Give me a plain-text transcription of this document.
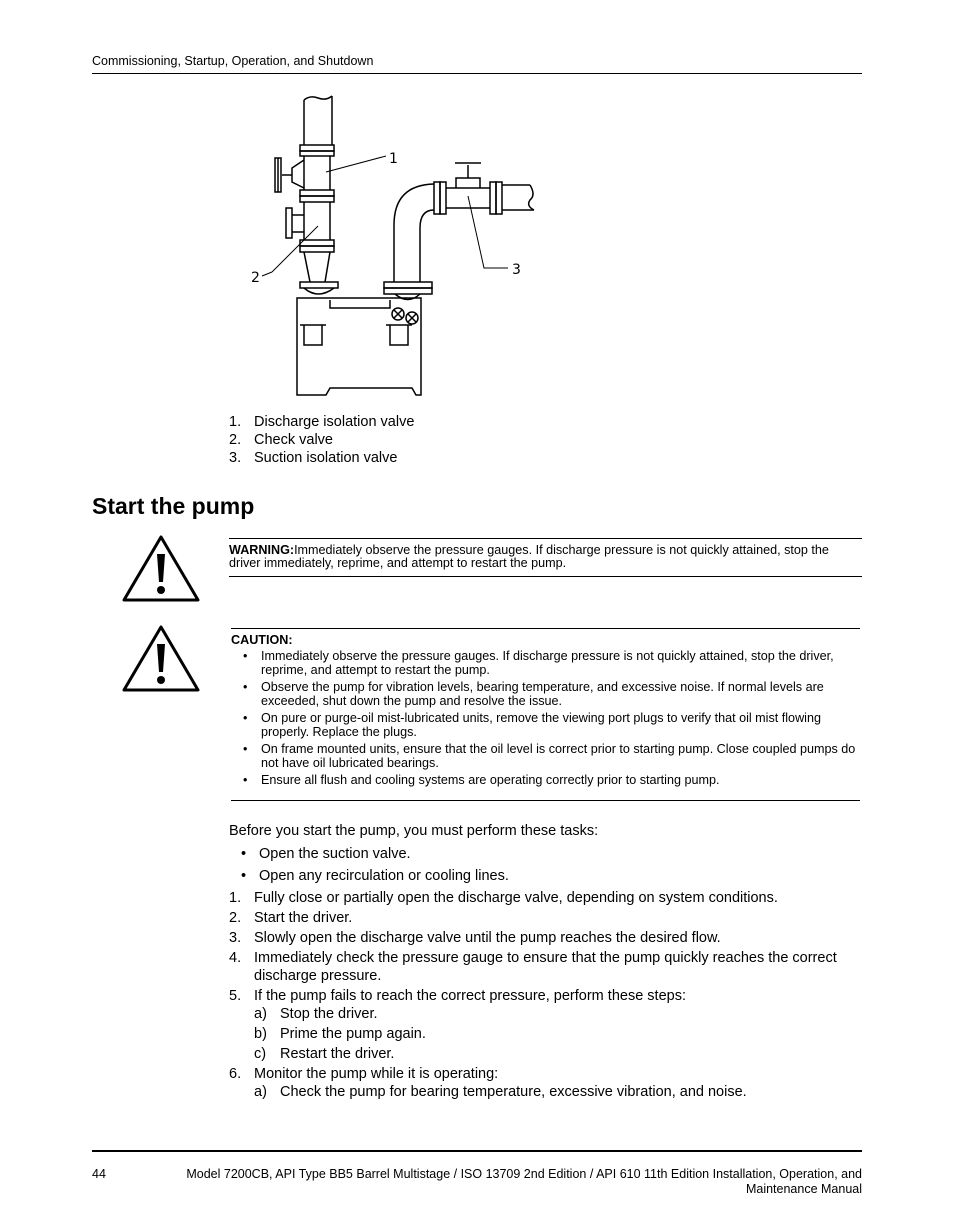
Commissioning, Startup, Operation, and Shutdown
1
2	3
1. Discharge isolation valve
2. Check valve
3. Suction isolation valve
Start the pump

WARNING:Immediately observe the pressure gauges. If discharge pressure is not quickly attained, stop the driver immediately, reprime, and attempt to restart the pump.

CAUTION:

• Immediately observe the pressure gauges. If discharge pressure is not quickly attained, stop the driver, reprime, and attempt to restart the pump.
• Observe the pump for vibration levels, bearing temperature, and excessive noise. If normal levels are exceeded, shut down the pump and resolve the issue.
• On pure or purge-oil mist-lubricated units, remove the viewing port plugs to verify that oil mist flowing properly. Replace the plugs.
• On frame mounted units, ensure that the oil level is correct prior to starting pump. Close coupled pumps do not have oil lubricated bearings.
• Ensure all flush and cooling systems are operating correctly prior to starting pump.

Before you start the pump, you must perform these tasks:

• Open the suction valve.
• Open any recirculation or cooling lines.
1. Fully close or partially open the discharge valve, depending on system conditions.
2. Start the driver.
3. Slowly open the discharge valve until the pump reaches the desired flow.
4. Immediately check the pressure gauge to ensure that the pump quickly reaches the correct discharge pressure.
5. If the pump fails to reach the correct pressure, perform these steps:
a) Stop the driver.
b) Prime the pump again.
c) Restart the driver.
6. Monitor the pump while it is operating:
a) Check the pump for bearing temperature, excessive vibration, and noise.
44	Model 7200CB, API Type BB5 Barrel Multistage / ISO 13709 2nd Edition / API 610 11th Edition Installation, Operation, and Maintenance Manual
